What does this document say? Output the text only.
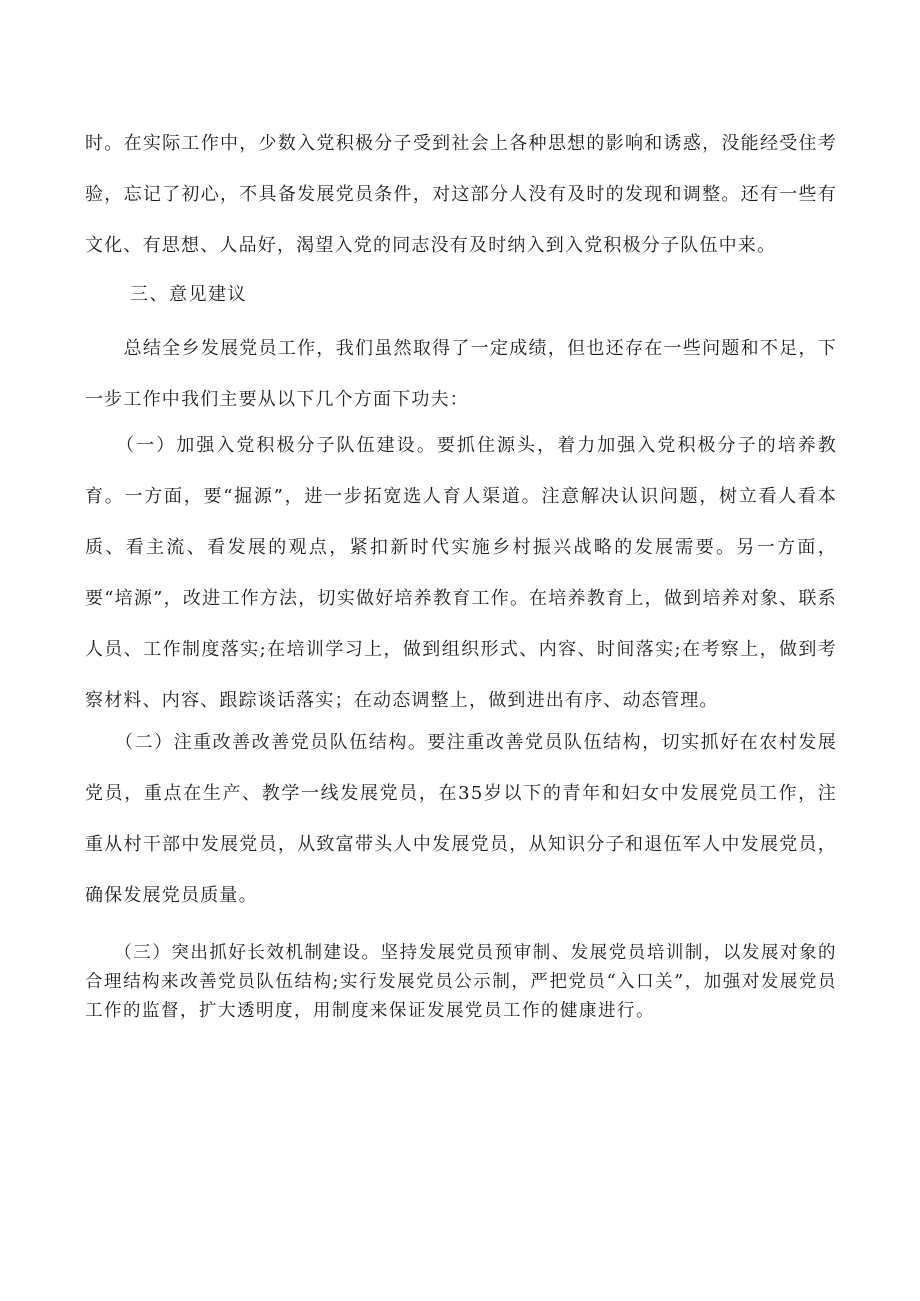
时。在实际工作中，少数入党积极分子受到社会上各种思想的影响和诱惑，没能经受住考验，忘记了初心，不具备发展党员条件，对这部分人没有及时的发现和调整。还有一些有文化、有思想、人品好，渴望入党的同志没有及时纳入到入党积极分子队伍中来。

三、意见建议

　　总结全乡发展党员工作，我们虽然取得了一定成绩，但也还存在一些问题和不足，下一步工作中我们主要从以下几个方面下功夫：

　　（一）加强入党积极分子队伍建设。要抓住源头，着力加强入党积极分子的培养教育。一方面，要“掘源”，进一步拓宽选人育人渠道。注意解决认识问题，树立看人看本质、看主流、看发展的观点，紧扣新时代实施乡村振兴战略的发展需要。另一方面，要“培源”，改进工作方法，切实做好培养教育工作。在培养教育上，做到培养对象、联系人员、工作制度落实;在培训学习上，做到组织形式、内容、时间落实;在考察上，做到考察材料、内容、跟踪谈话落实；在动态调整上，做到进出有序、动态管理。

　　（二）注重改善改善党员队伍结构。要注重改善党员队伍结构，切实抓好在农村发展党员，重点在生产、教学一线发展党员，在35岁以下的青年和妇女中发展党员工作，注重从村干部中发展党员，从致富带头人中发展党员，从知识分子和退伍军人中发展党员，确保发展党员质量。

　　（三）突出抓好长效机制建设。坚持发展党员预审制、发展党员培训制，以发展对象的合理结构来改善党员队伍结构;实行发展党员公示制，严把党员“入口关”，加强对发展党员工作的监督，扩大透明度，用制度来保证发展党员工作的健康进行。
